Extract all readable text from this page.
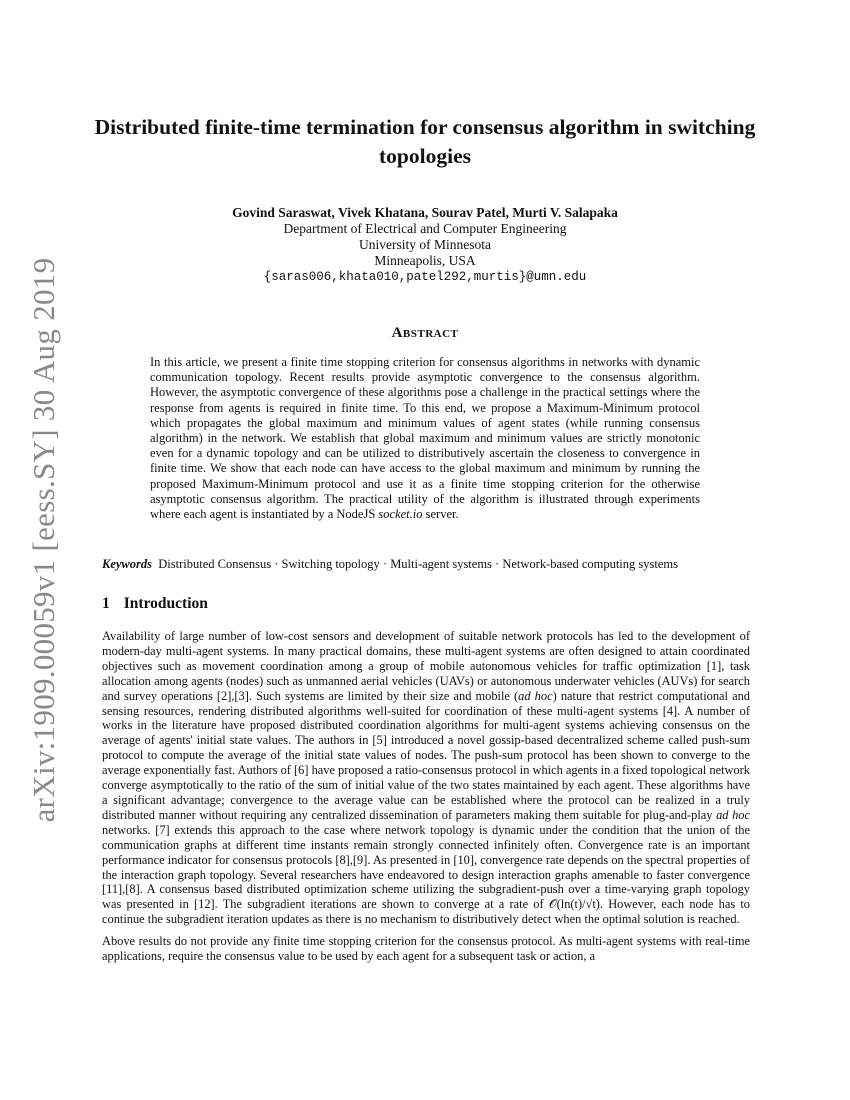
arXiv:1909.00059v1 [eess.SY] 30 Aug 2019
Distributed finite-time termination for consensus algorithm in switching topologies
Govind Saraswat, Vivek Khatana, Sourav Patel, Murti V. Salapaka
Department of Electrical and Computer Engineering
University of Minnesota
Minneapolis, USA
{saras006,khata010,patel292,murtis}@umn.edu
Abstract
In this article, we present a finite time stopping criterion for consensus algorithms in networks with dynamic communication topology. Recent results provide asymptotic convergence to the consensus algorithm. However, the asymptotic convergence of these algorithms pose a challenge in the practical settings where the response from agents is required in finite time. To this end, we propose a Maximum-Minimum protocol which propagates the global maximum and minimum values of agent states (while running consensus algorithm) in the network. We establish that global maximum and minimum values are strictly monotonic even for a dynamic topology and can be utilized to distributively ascertain the closeness to convergence in finite time. We show that each node can have access to the global maximum and minimum by running the proposed Maximum-Minimum protocol and use it as a finite time stopping criterion for the otherwise asymptotic consensus algorithm. The practical utility of the algorithm is illustrated through experiments where each agent is instantiated by a NodeJS socket.io server.
Keywords Distributed Consensus · Switching topology · Multi-agent systems · Network-based computing systems
1 Introduction

Availability of large number of low-cost sensors and development of suitable network protocols has led to the development of modern-day multi-agent systems. In many practical domains, these multi-agent systems are often designed to attain coordinated objectives such as movement coordination among a group of mobile autonomous vehicles for traffic optimization [1], task allocation among agents (nodes) such as unmanned aerial vehicles (UAVs) or autonomous underwater vehicles (AUVs) for search and survey operations [2],[3]. Such systems are limited by their size and mobile (ad hoc) nature that restrict computational and sensing resources, rendering distributed algorithms well-suited for coordination of these multi-agent systems [4]. A number of works in the literature have proposed distributed coordination algorithms for multi-agent systems achieving consensus on the average of agents' initial state values. The authors in [5] introduced a novel gossip-based decentralized scheme called push-sum protocol to compute the average of the initial state values of nodes. The push-sum protocol has been shown to converge to the average exponentially fast. Authors of [6] have proposed a ratio-consensus protocol in which agents in a fixed topological network converge asymptotically to the ratio of the sum of initial value of the two states maintained by each agent. These algorithms have a significant advantage; convergence to the average value can be established where the protocol can be realized in a truly distributed manner without requiring any centralized dissemination of parameters making them suitable for plug-and-play ad hoc networks. [7] extends this approach to the case where network topology is dynamic under the condition that the union of the communication graphs at different time instants remain strongly connected infinitely often. Convergence rate is an important performance indicator for consensus protocols [8],[9]. As presented in [10], convergence rate depends on the spectral properties of the interaction graph topology. Several researchers have endeavored to design interaction graphs amenable to faster convergence [11],[8]. A consensus based distributed optimization scheme utilizing the subgradient-push over a time-varying graph topology was presented in [12]. The subgradient iterations are shown to converge at a rate of 𝒪(ln(t)/√t). However, each node has to continue the subgradient iteration updates as there is no mechanism to distributively detect when the optimal solution is reached.

Above results do not provide any finite time stopping criterion for the consensus protocol. As multi-agent systems with real-time applications, require the consensus value to be used by each agent for a subsequent task or action, a
